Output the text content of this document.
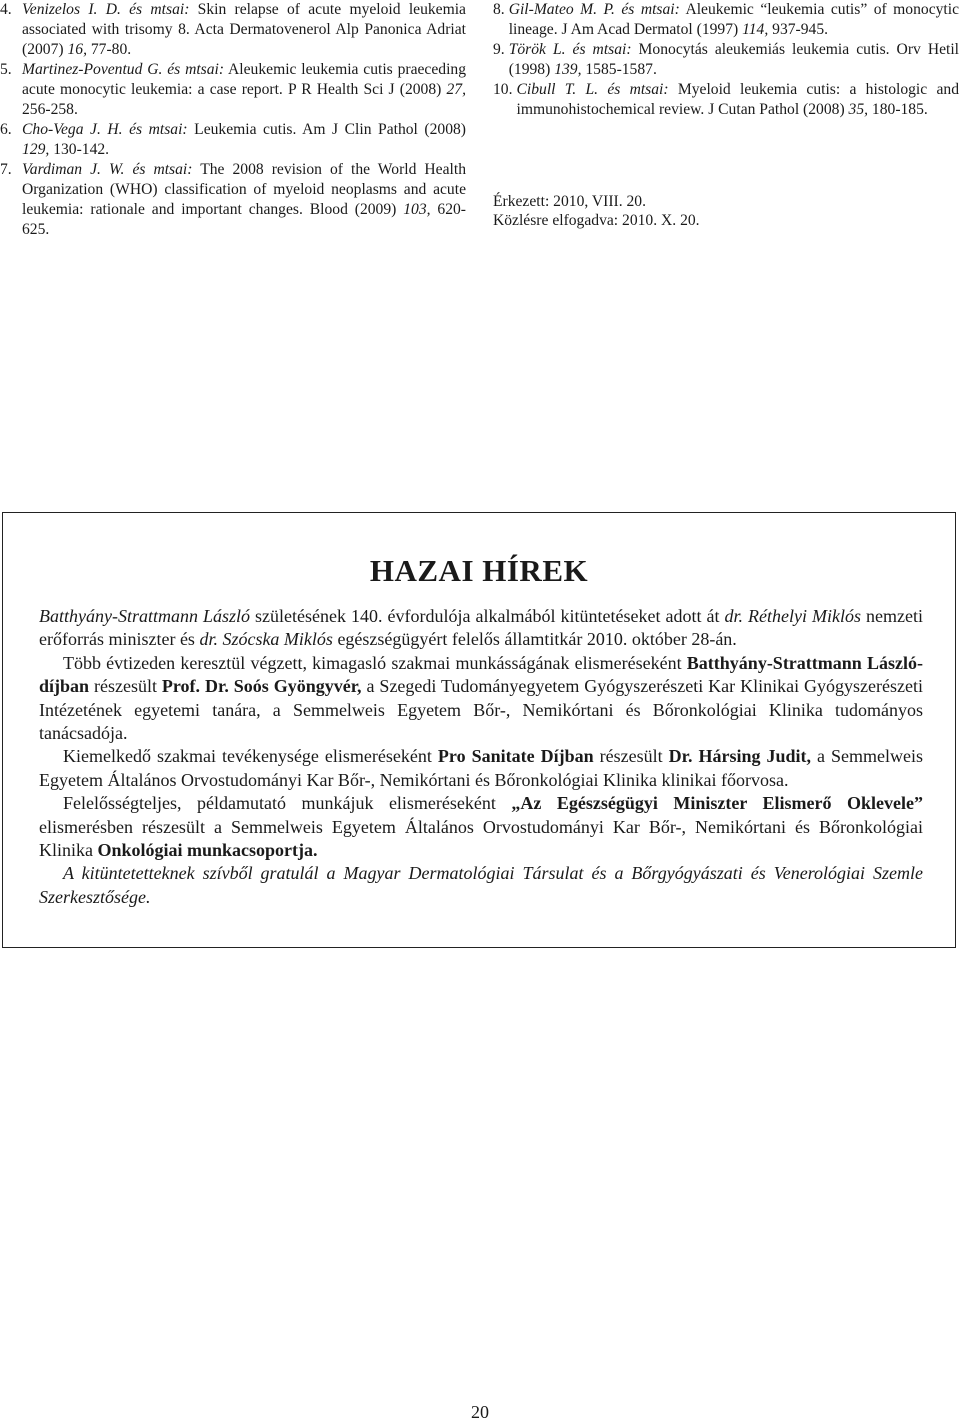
4. Venizelos I. D. és mtsai: Skin relapse of acute myeloid leukemia associated with trisomy 8. Acta Dermatovenerol Alp Panonica Adriat (2007) 16, 77-80.
5. Martinez-Poventud G. és mtsai: Aleukemic leukemia cutis praeceding acute monocytic leukemia: a case report. P R Health Sci J (2008) 27, 256-258.
6. Cho-Vega J. H. és mtsai: Leukemia cutis. Am J Clin Pathol (2008) 129, 130-142.
7. Vardiman J. W. és mtsai: The 2008 revision of the World Health Organization (WHO) classification of myeloid neoplasms and acute leukemia: rationale and important changes. Blood (2009) 103, 620-625.
8. Gil-Mateo M. P. és mtsai: Aleukemic “leukemia cutis” of monocytic lineage. J Am Acad Dermatol (1997) 114, 937-945.
9. Török L. és mtsai: Monocytás aleukemiás leukemia cutis. Orv Hetil (1998) 139, 1585-1587.
10. Cibull T. L. és mtsai: Myeloid leukemia cutis: a histologic and immunohistochemical review. J Cutan Pathol (2008) 35, 180-185.
Érkezett: 2010, VIII. 20.
Közlésre elfogadva: 2010. X. 20.
HAZAI HÍREK

Batthyány-Strattmann László születésének 140. évfordulója alkalmából kitüntetéseket adott át dr. Réthelyi Miklós nemzeti erőforrás miniszter és dr. Szócska Miklós egészségügyért felelős államtitkár 2010. október 28-án.

Több évtizeden keresztül végzett, kimagasló szakmai munkásságának elismeréseként Batthyány-Strattmann László-díjban részesült Prof. Dr. Soós Gyöngyvér, a Szegedi Tudományegyetem Gyógyszerészeti Kar Klinikai Gyógyszerészeti Intézetének egyetemi tanára, a Semmelweis Egyetem Bőr-, Nemikórtani és Bőronkológiai Klinika tudományos tanácsadója.

Kiemelkedő szakmai tevékenysége elismeréseként Pro Sanitate Díjban részesült Dr. Hársing Judit, a Semmelweis Egyetem Általános Orvostudományi Kar Bőr-, Nemikórtani és Bőronkológiai Klinika klinikai főorvosa.

Felelősségteljes, példamutató munkájuk elismeréseként „Az Egészségügyi Miniszter Elismerő Oklevele” elismerésben részesült a Semmelweis Egyetem Általános Orvostudományi Kar Bőr-, Nemikórtani és Bőronkológiai Klinika Onkológiai munkacsoportja.

A kitüntetetteknek szívből gratulál a Magyar Dermatológiai Társulat és a Bőrgyógyászati és Venerológiai Szemle Szerkesztősége.

20
